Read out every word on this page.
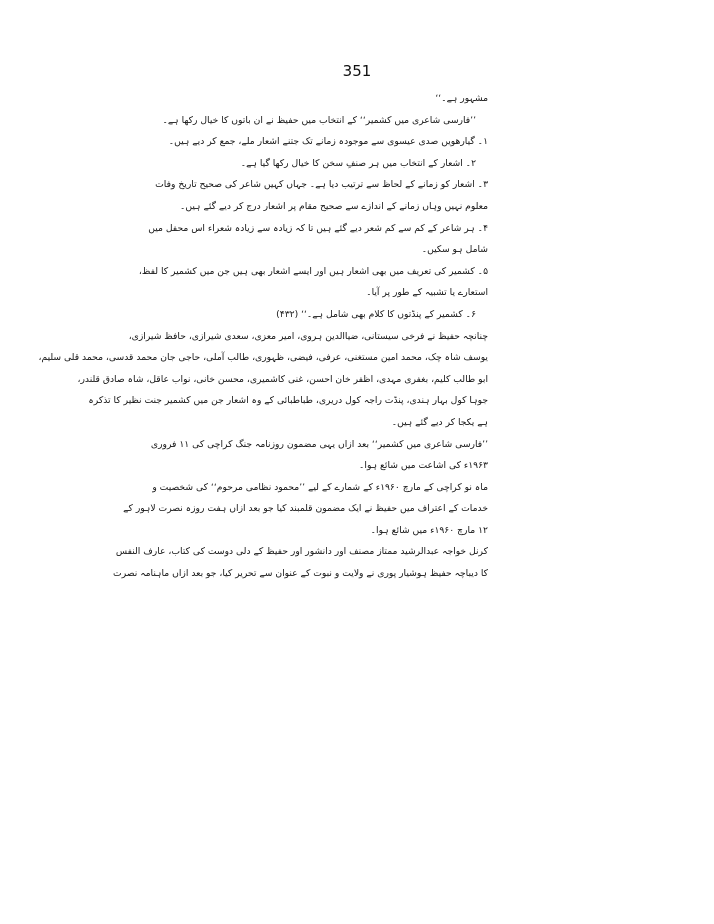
351
مشہور ہے۔‘‘
’’فارسی شاعری میں کشمیر‘‘ کے انتخاب میں حفیظ نے ان باتوں کا خیال رکھا ہے۔
۱۔ گیارھویں صدی عیسوی سے موجودہ زمانے تک جتنے اشعار ملے، جمع کر دیے ہیں۔
۲۔ اشعار کے انتخاب میں ہر صنفِ سخن کا خیال رکھا گیا ہے۔
۳۔ اشعار کو زمانے کے لحاظ سے ترتیب دیا ہے۔ جہاں کہیں شاعر کی صحیح تاریخ وفات
معلوم نہیں وہاں زمانے کے اندازے سے صحیح مقام پر اشعار درج کر دیے گئے ہیں۔
۴۔ ہر شاعر کے کم سے کم شعر دیے گئے ہیں تا کہ زیادہ سے زیادہ شعراء اس محفل میں
شامل ہو سکیں۔
۵۔ کشمیر کی تعریف میں بھی اشعار ہیں اور ایسے اشعار بھی ہیں جن میں کشمیر کا لفظ،
استعارے یا تشبیہ کے طور پر آیا۔
۶۔ کشمیر کے پنڈتوں کا کلام بھی شامل ہے۔‘‘ (۴۳۲)
چنانچہ حفیظ نے فرخی سیستانی، ضیاالدین ہروی، امیر معزی، سعدی شیرازی، حافظ شیرازی،
یوسف شاہ چک، محمد امین مستغنی، عرفی، فیضی، ظہوری، طالب آملی، حاجی جان محمد قدسی، محمد قلی سلیم،
ابو طالب کلیم، بغفری مہدی، اظفر خان احسن، غنی کاشمیری، محسن خانی، نواب عاقل، شاہ صادق قلندر،
جوہا کول بہار ہندی، پنڈت راجہ کول دریری، طباطبائی کے وہ اشعار جن میں کشمیر جنت نظیر کا تذکرہ
ہے یکجا کر دیے گئے ہیں۔
’’فارسی شاعری میں کشمیر‘‘ بعد ازاں یہی مضمون روزنامہ جنگ کراچی کی ۱۱ فروری
۱۹۶۳ء کی اشاعت میں شائع ہوا۔
ماہ نو کراچی کے مارچ ۱۹۶۰ء کے شمارے کے لیے ’’محمود نظامی مرحوم‘‘ کی شخصیت و
خدمات کے اعتراف میں حفیظ نے ایک مضمون قلمبند کیا جو بعد ازاں ہفت روزہ نصرت لاہور کے
۱۲ مارچ ۱۹۶۰ء میں شائع ہوا۔
کرنل خواجہ عبدالرشید ممتاز مصنف اور دانشور اور حفیظ کے دلی دوست کی کتاب، عارف النفس
کا دیباچہ حفیظ ہوشیار پوری نے ولایت و نبوت کے عنوان سے تحریر کیا، جو بعد ازاں ماہنامہ نصرت
